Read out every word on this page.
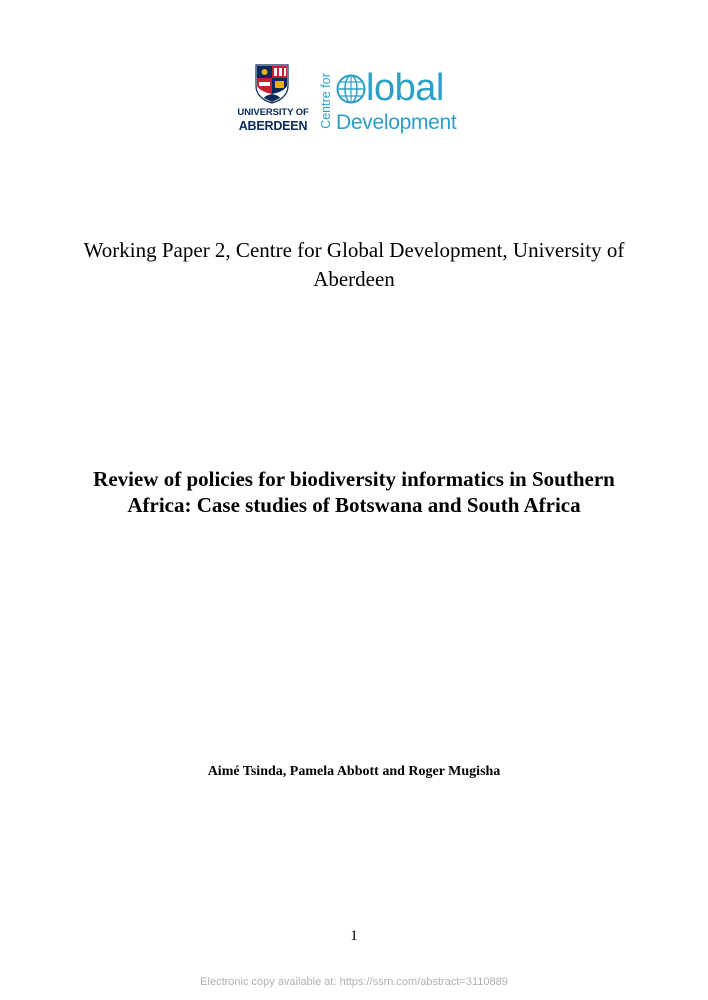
UNIVERSITY OF
ABERDEEN Centre for lobal
Development
Working Paper 2, Centre for Global Development, University of Aberdeen
Review of policies for biodiversity informatics in Southern Africa: Case studies of Botswana and South Africa
Aimé Tsinda, Pamela Abbott and Roger Mugisha
1
Electronic copy available at: https://ssrn.com/abstract=3110889
